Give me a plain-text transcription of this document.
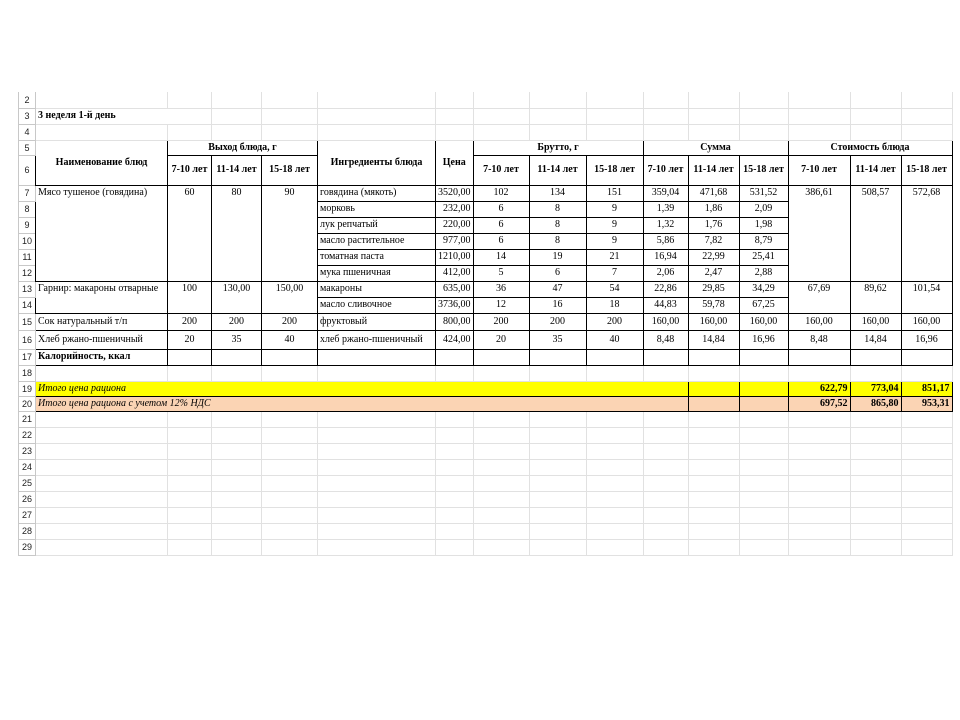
2															
3	3 неделя 1-й день														
4															
5	Наименование блюд	Выход блюда, г			Ингредиенты блюда	Цена	Брутто, г			Сумма			Стоимость блюда		
6		7-10 лет	11-14 лет	15-18 лет			7-10 лет	11-14 лет	15-18 лет	7-10 лет	11-14 лет	15-18 лет	7-10 лет	11-14 лет	15-18 лет
7	Мясо тушеное (говядина)	60	80	90	говядина (мякоть)	3520,00	102	134	151	359,04	471,68	531,52	386,61	508,57	572,68
8					морковь	232,00	6	8	9	1,39	1,86	2,09			
9					лук репчатый	220,00	6	8	9	1,32	1,76	1,98			
10					масло растительное	977,00	6	8	9	5,86	7,82	8,79			
11					томатная паста	1210,00	14	19	21	16,94	22,99	25,41			
12					мука пшеничная	412,00	5	6	7	2,06	2,47	2,88			
13	Гарнир: макароны отварные	100	130,00	150,00	макароны	635,00	36	47	54	22,86	29,85	34,29	67,69	89,62	101,54
14					масло сливочное	3736,00	12	16	18	44,83	59,78	67,25			
15	Сок натуральный т/п	200	200	200	фруктовый	800,00	200	200	200	160,00	160,00	160,00	160,00	160,00	160,00
16	Хлеб ржано-пшеничный	20	35	40	хлеб ржано-пшеничный	424,00	20	35	40	8,48	14,84	16,96	8,48	14,84	16,96
17	Калорийность, ккал														
18															
19	Итого цена рациона												622,79	773,04	851,17
20	Итого цена рациона с учетом 12% НДС												697,52	865,80	953,31
21															
22															
23															
24															
25															
26															
27															
28															
29															
